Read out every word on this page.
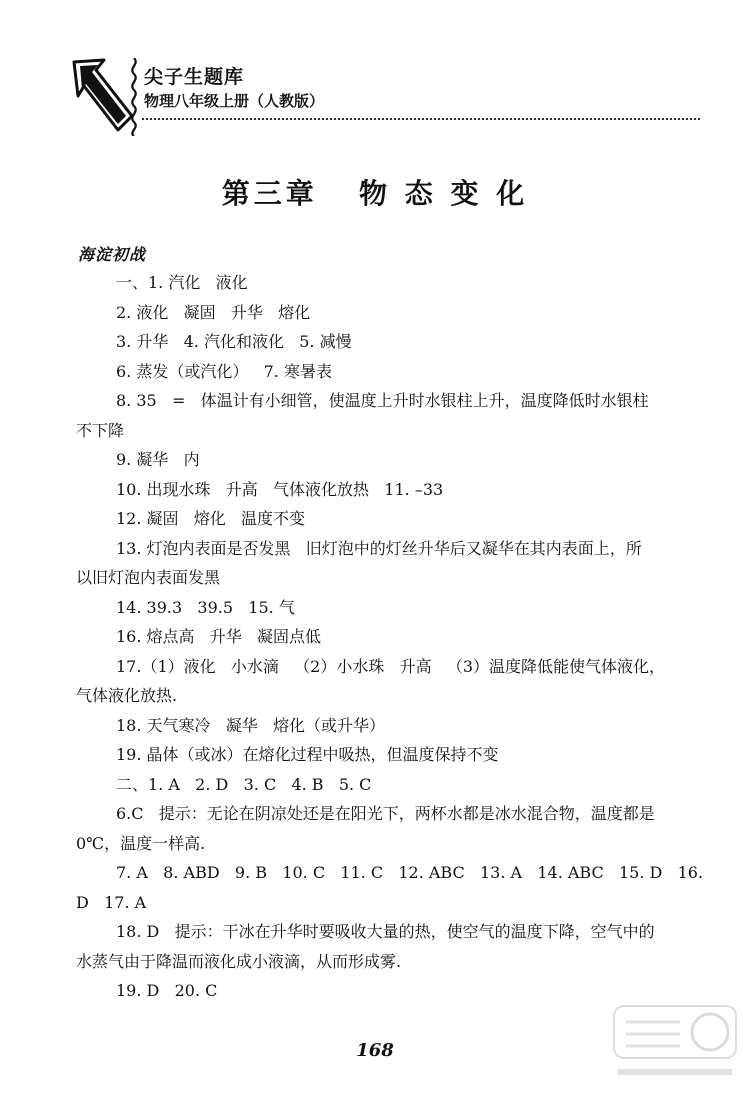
尖子生题库
物理八年级上册（人教版）
第三章   物 态 变 化
海淀初战

一、1. 汽化   液化

2. 液化   凝固   升华   熔化

3. 升华   4. 汽化和液化   5. 减慢

6. 蒸发（或汽化）   7. 寒暑表

8. 35   =   体温计有小细管，使温度上升时水银柱上升，温度降低时水银柱

不下降

9. 凝华   内

10. 出现水珠   升高   气体液化放热   11. –33

12. 凝固   熔化   温度不变

13. 灯泡内表面是否发黑   旧灯泡中的灯丝升华后又凝华在其内表面上，所

以旧灯泡内表面发黑

14. 39.3   39.5   15. 气

16. 熔点高   升华   凝固点低

17.（1）液化   小水滴   （2）小水珠   升高   （3）温度降低能使气体液化，

气体液化放热.

18. 天气寒冷   凝华   熔化（或升华）

19. 晶体（或冰）在熔化过程中吸热，但温度保持不变

二、1. A   2. D   3. C   4. B   5. C

6.C   提示：无论在阴凉处还是在阳光下，两杯水都是冰水混合物，温度都是

0℃，温度一样高.

7. A   8. ABD   9. B   10. C   11. C   12. ABC   13. A   14. ABC   15. D   16.

D   17. A

18. D   提示：干冰在升华时要吸收大量的热，使空气的温度下降，空气中的

水蒸气由于降温而液化成小液滴，从而形成雾.

19. D   20. C

168
